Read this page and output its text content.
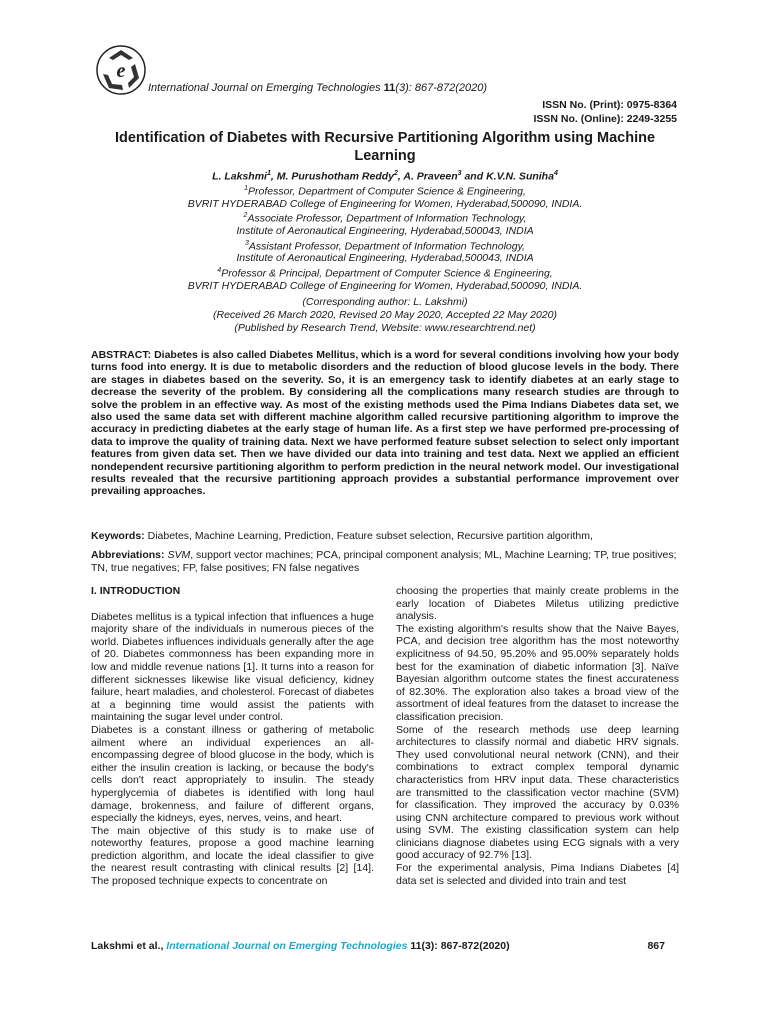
e
International Journal on Emerging Technologies 11(3): 867-872(2020)
ISSN No. (Print): 0975-8364
ISSN No. (Online): 2249-3255
Identification of Diabetes with Recursive Partitioning Algorithm using Machine Learning
L. Lakshmi$^1$, M. Purushotham Reddy$^2$, A. Praveen$^3$ and K.V.N. Suniha$^4$
$^1$Professor, Department of Computer Science & Engineering,
BVRIT HYDERABAD College of Engineering for Women, Hyderabad,500090, INDIA.
$^2$Associate Professor, Department of Information Technology,
Institute of Aeronautical Engineering, Hyderabad,500043, INDIA
$^3$Assistant Professor, Department of Information Technology,
Institute of Aeronautical Engineering, Hyderabad,500043, INDIA
$^4$Professor & Principal, Department of Computer Science & Engineering,
BVRIT HYDERABAD College of Engineering for Women, Hyderabad,500090, INDIA.
(Corresponding author: L. Lakshmi)
(Received 26 March 2020, Revised 20 May 2020, Accepted 22 May 2020)
(Published by Research Trend, Website: www.researchtrend.net)
ABSTRACT: Diabetes is also called Diabetes Mellitus, which is a word for several conditions involving how your body turns food into energy. It is due to metabolic disorders and the reduction of blood glucose levels in the body. There are stages in diabetes based on the severity. So, it is an emergency task to identify diabetes at an early stage to decrease the severity of the problem. By considering all the complications many research studies are through to solve the problem in an effective way. As most of the existing methods used the Pima Indians Diabetes data set, we also used the same data set with different machine algorithm called recursive partitioning algorithm to improve the accuracy in predicting diabetes at the early stage of human life. As a first step we have performed pre-processing of data to improve the quality of training data. Next we have performed feature subset selection to select only important features from given data set. Then we have divided our data into training and test data. Next we applied an efficient nondependent recursive partitioning algorithm to perform prediction in the neural network model. Our investigational results revealed that the recursive partitioning approach provides a substantial performance improvement over prevailing approaches.
Keywords: Diabetes, Machine Learning, Prediction, Feature subset selection, Recursive partition algorithm,
Abbreviations: SVM, support vector machines; PCA, principal component analysis; ML, Machine Learning; TP, true positives; TN, true negatives; FP, false positives; FN false negatives

I. INTRODUCTION

Diabetes mellitus is a typical infection that influences a huge majority share of the individuals in numerous pieces of the world. Diabetes influences individuals generally after the age of 20. Diabetes commonness has been expanding more in low and middle revenue nations [1]. It turns into a reason for different sicknesses likewise like visual deficiency, kidney failure, heart maladies, and cholesterol. Forecast of diabetes at a beginning time would assist the patients with maintaining the sugar level under control.

Diabetes is a constant illness or gathering of metabolic ailment where an individual experiences an all-encompassing degree of blood glucose in the body, which is either the insulin creation is lacking, or because the body's cells don't react appropriately to insulin. The steady hyperglycemia of diabetes is identified with long haul damage, brokenness, and failure of different organs, especially the kidneys, eyes, nerves, veins, and heart.

The main objective of this study is to make use of noteworthy features, propose a good machine learning prediction algorithm, and locate the ideal classifier to give the nearest result contrasting with clinical results [2] [14]. The proposed technique expects to concentrate on

choosing the properties that mainly create problems in the early location of Diabetes Miletus utilizing predictive analysis.

The existing algorithm's results show that the Naive Bayes, PCA, and decision tree algorithm has the most noteworthy explicitness of 94.50, 95.20% and 95.00% separately holds best for the examination of diabetic information [3]. Naïve Bayesian algorithm outcome states the finest accurateness of 82.30%. The exploration also takes a broad view of the assortment of ideal features from the dataset to increase the classification precision.

Some of the research methods use deep learning architectures to classify normal and diabetic HRV signals. They used convolutional neural network (CNN), and their combinations to extract complex temporal dynamic characteristics from HRV input data. These characteristics are transmitted to the classification vector machine (SVM) for classification. They improved the accuracy by 0.03% using CNN architecture compared to previous work without using SVM. The existing classification system can help clinicians diagnose diabetes using ECG signals with a very good accuracy of 92.7% [13].

For the experimental analysis, Pima Indians Diabetes [4] data set is selected and divided into train and test

Lakshmi et al., International Journal on Emerging Technologies 11(3): 867-872(2020)	867
